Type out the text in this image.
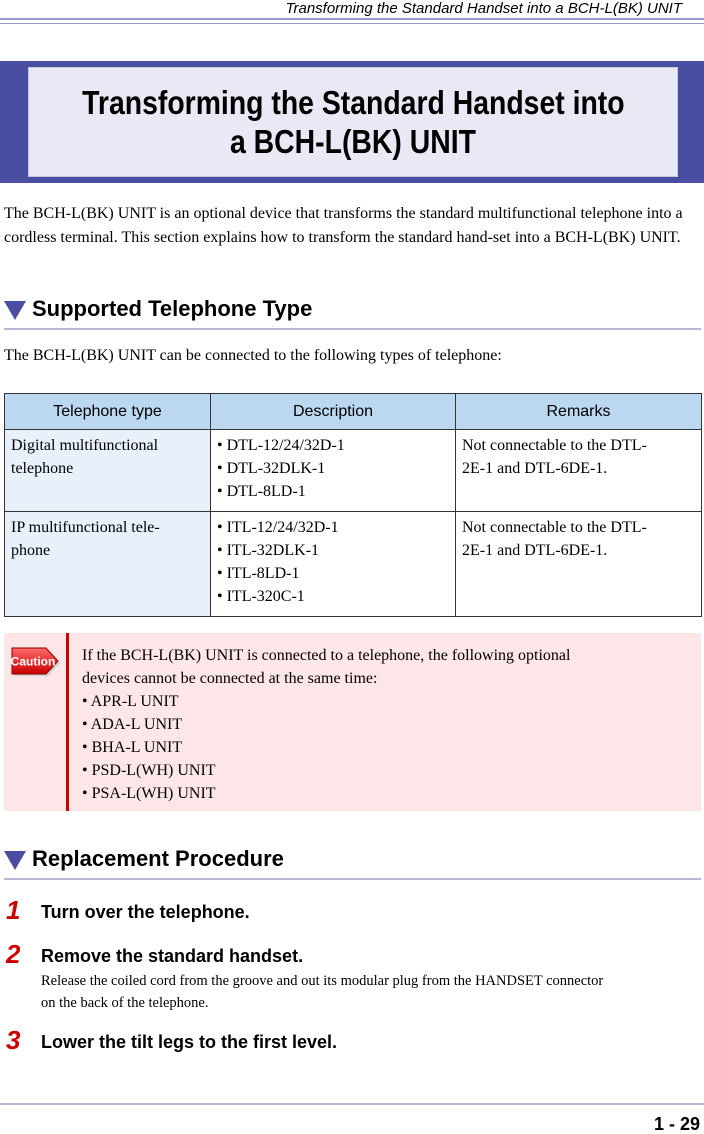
Transforming the Standard Handset into a BCH-L(BK) UNIT
Transforming the Standard Handset into
a BCH-L(BK) UNIT

The BCH-L(BK) UNIT is an optional device that transforms the standard multifunctional telephone into a cordless terminal. This section explains how to transform the standard hand-set into a BCH-L(BK) UNIT.

Supported Telephone Type

The BCH-L(BK) UNIT can be connected to the following types of telephone:

Telephone type	Description	Remarks

Digital multifunctional
telephone	• DTL-12/24/32D-1
• DTL-32DLK-1
• DTL-8LD-1	Not connectable to the DTL-
2E-1 and DTL-6DE-1.

IP multifunctional tele-
phone	• ITL-12/24/32D-1
• ITL-32DLK-1
• ITL-8LD-1
• ITL-320C-1	Not connectable to the DTL-
2E-1 and DTL-6DE-1.
Caution If the BCH-L(BK) UNIT is connected to a telephone, the following optional
devices cannot be connected at the same time:
• APR-L UNIT
• ADA-L UNIT
• BHA-L UNIT
• PSD-L(WH) UNIT
• PSA-L(WH) UNIT
Replacement Procedure
1 Turn over the telephone.
2 Remove the standard handset.

Release the coiled cord from the groove and out its modular plug from the HANDSET connector
on the back of the telephone.

3 Lower the tilt legs to the first level.
1 - 29
